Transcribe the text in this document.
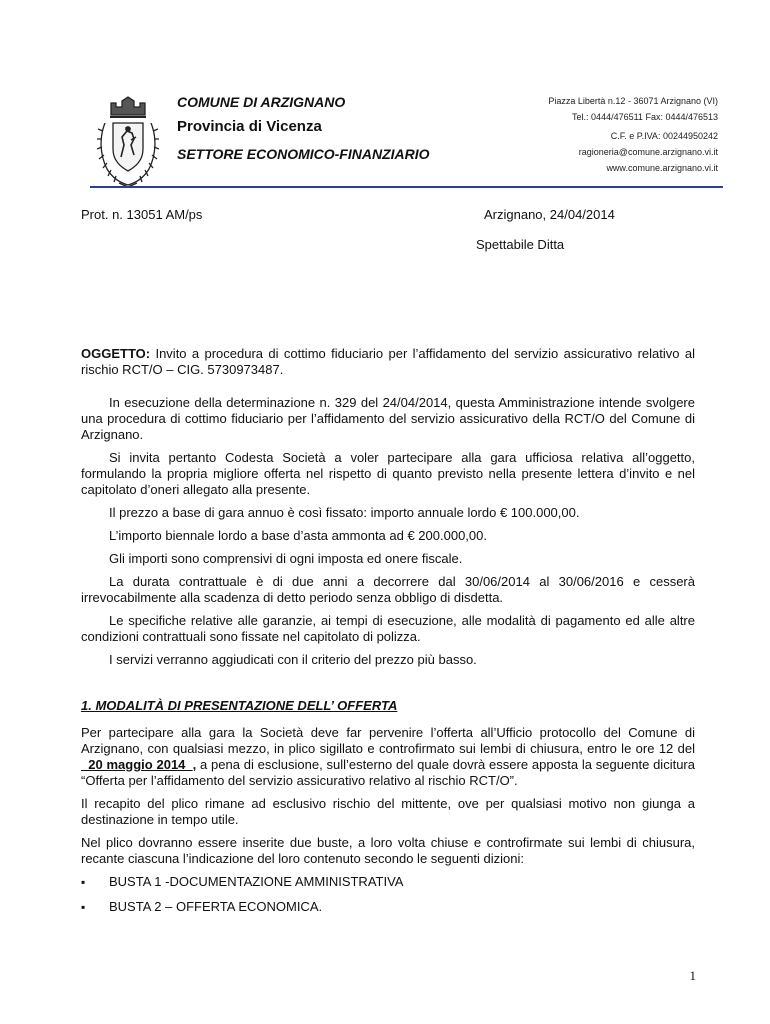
COMUNE DI ARZIGNANO
Provincia di Vicenza
SETTORE ECONOMICO-FINANZIARIO
Piazza Libertà n.12 - 36071 Arzignano (VI)
Tel.: 0444/476511 Fax: 0444/476513
C.F. e P.IVA: 00244950242
ragioneria@comune.arzignano.vi.it
www.comune.arzignano.vi.it
Prot. n. 13051 AM/ps	Arzignano, 24/04/2014
Spettabile Ditta

OGGETTO: Invito a procedura di cottimo fiduciario per l’affidamento del servizio assicurativo relativo al rischio RCT/O – CIG. 5730973487.

In esecuzione della determinazione n. 329 del 24/04/2014, questa Amministrazione intende svolgere una procedura di cottimo fiduciario per l’affidamento del servizio assicurativo della RCT/O del Comune di Arzignano.

Si invita pertanto Codesta Società a voler partecipare alla gara ufficiosa relativa all’oggetto, formulando la propria migliore offerta nel rispetto di quanto previsto nella presente lettera d’invito e nel capitolato d’oneri allegato alla presente.

Il prezzo a base di gara annuo è così fissato: importo annuale lordo € 100.000,00.

L’importo biennale lordo a base d’asta ammonta ad € 200.000,00.

Gli importi sono comprensivi di ogni imposta ed onere fiscale.

La durata contrattuale è di due anni a decorrere dal 30/06/2014 al 30/06/2016 e cesserà irrevocabilmente alla scadenza di detto periodo senza obbligo di disdetta.

Le specifiche relative alle garanzie, ai tempi di esecuzione, alle modalità di pagamento ed alle altre condizioni contrattuali sono fissate nel capitolato di polizza.

I servizi verranno aggiudicati con il criterio del prezzo più basso.

1. MODALITÀ DI PRESENTAZIONE DELL’ OFFERTA

Per partecipare alla gara la Società deve far pervenire l’offerta all’Ufficio protocollo del Comune di Arzignano, con qualsiasi mezzo, in plico sigillato e controfirmato sui lembi di chiusura, entro le ore 12 del _20 maggio 2014_, a pena di esclusione, sull’esterno del quale dovrà essere apposta la seguente dicitura “Offerta per l’affidamento del servizio assicurativo relativo al rischio RCT/O”.

Il recapito del plico rimane ad esclusivo rischio del mittente, ove per qualsiasi motivo non giunga a destinazione in tempo utile.

Nel plico dovranno essere inserite due buste, a loro volta chiuse e controfirmate sui lembi di chiusura, recante ciascuna l’indicazione del loro contenuto secondo le seguenti dizioni:

▪ BUSTA 1 -DOCUMENTAZIONE AMMINISTRATIVA
▪ BUSTA 2 – OFFERTA ECONOMICA.
1
